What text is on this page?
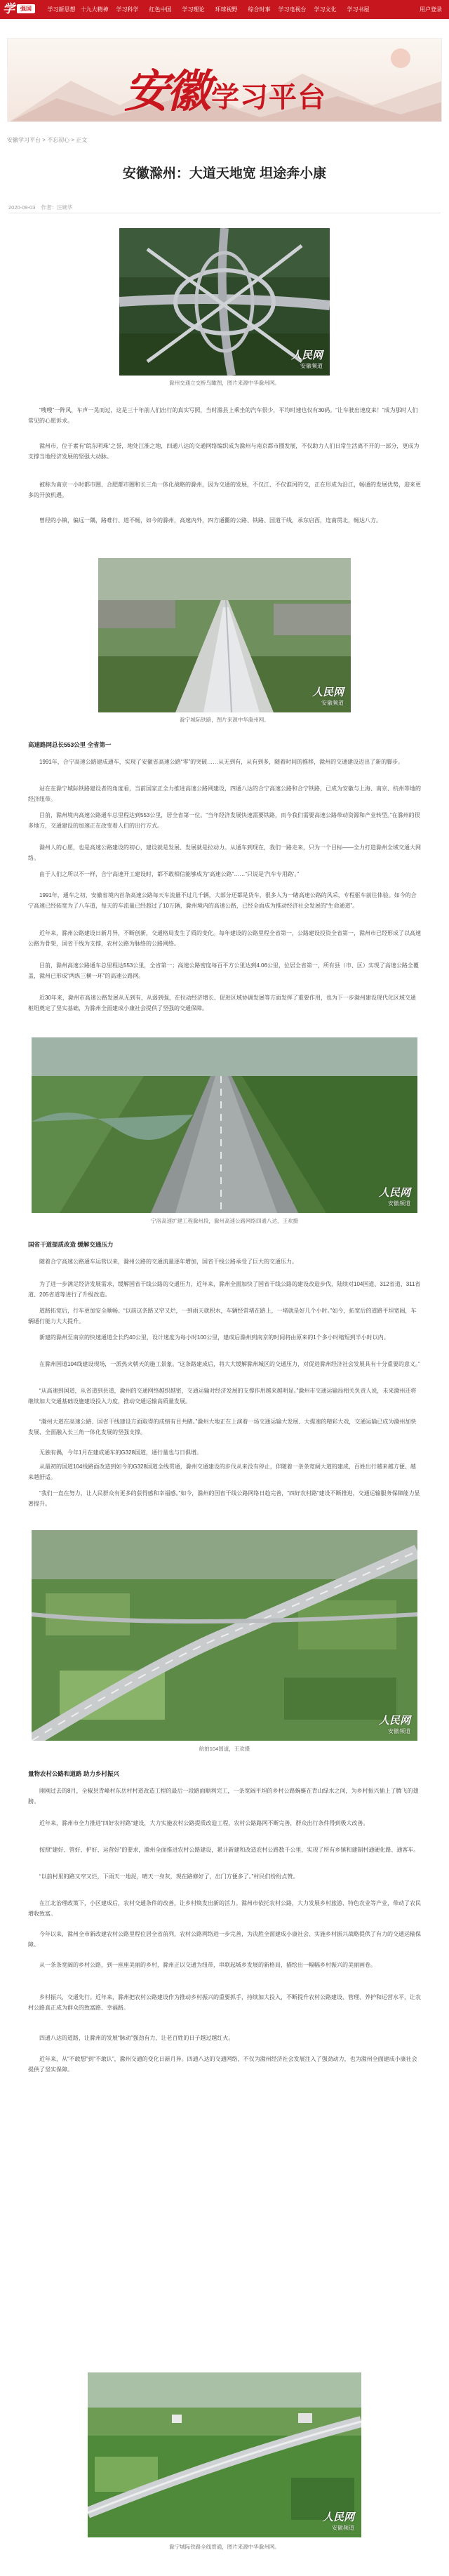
学	强国	学习新思想 十九大精神	学习科学	红色中国	学习理论	环球视野	综合时事	学习电视台	学习文化	学习书屋	用户登录
安徽 学习平台
安徽学习平台 > 不忘初心 > 正文
安徽滁州：大道天地宽 坦途奔小康
2020-09-03 作者：汪婉华
人民网
安徽频道
滁州交通立交桥鸟瞰图，图片来源中华滁州网。
“嗖嗖”一阵风，车声一晃而过，这是三十年前人们出行的真实写照，当时滁县上乘坐的汽车很少，平均时速也仅有30码。“让车驶出速度来！”成为那时人们常见的心愿诉求。
滁州市，位于素有“皖东明珠”之誉，地处江淮之地，四通八达的交通网络编织成为滁州与南京都市圈发展，不仅助力人们日常生活离不开的一部分，更成为支撑当地经济发展的坚强大动脉。
被称为南京一小时都市圈、合肥都市圈和长三角一体化战略的滁州，因为交通的发展，不仅江、不仅淮河的交，正在形成为沿江，畅通的发展优势，迎来更多的开放机遇。
曾经的小镇，偏远一隅，路难行、道不畅，如今的滁州，高速内外，四方通衢的公路、铁路、国道干线，承东启西，连南贯北，畅达八方。
人民网
安徽频道
滁宁城际铁路，图片来源中华滁州网。
高速路网总长553公里 全省第一
1991年，合宁高速公路建成通车，实现了安徽省高速公路“零”的突破……从无到有，从有到多，随着时间的推移，滁州的交通建设迈出了新的脚步。
站在在滁宁城际铁路建设者的角度看，当前国家正全力推进高速公路网建设，四通八达的合宁高速公路和合宁铁路，已成为安徽与上海、南京、杭州等地的经济纽带。
目前，滁州境内高速公路通车总里程达到553公里，居全省第一位。“当年经济发展快速需要铁路，而今我们需要高速公路带动资源和产业转型。”在滁州的很多地方，交通建设的加速正在改变着人们的出行方式。
滁州人的心愿，也是高速公路建设的初心，建设就是发展、发展就是拉动力。从通车到现在，我们一路走来，只为一个目标——全力打造滁州全域交通大网络。
由于人们之所以不一样，合宁高速开工建设时，都不敢相信能够成为“高速公路”……“只说是‘汽车专用路’。”
1991年，通车之初，安徽省境内首条高速公路每天车流量不过几千辆，大部分还都是货车，很多人为一睹高速公路的风采，专程驱车前往体验。如今的合宁高速已经拓宽为了八车道，每天的车流量已经超过了10万辆，滁州境内的高速公路，已经全面成为推动经济社会发展的“生命通道”。
近年来，滁州公路建设日新月异，不断创新，交通格局发生了质的变化。每年建设的公路里程全省第一，公路建设投资全省第一，滁州市已经形成了以高速公路为骨架，国省干线为支撑，农村公路为脉络的公路网络。
目前，滁州高速公路通车总里程达553公里，全省第一；高速公路密度每百平方公里达到4.06公里，位居全省第一，所有县（市、区）实现了高速公路全覆盖，滁州已形成“两纵三横一环”的高速公路网。
近30年来，滁州市高速公路发展从无到有，从弱到强，在拉动经济增长、促进区域协调发展等方面发挥了重要作用，也为下一步滁州建设现代化区域交通枢纽奠定了坚实基础，为滁州全面建成小康社会提供了坚强的交通保障。
人民网
安徽频道
宁洛高速扩建工程滁州段，滁州高速公路网络四通八达，王欢摄
国省干道提质改造 缓解交通压力
随着合宁高速公路通车运营以来，滁州公路的交通流量逐年增加，国省干线公路承受了巨大的交通压力。
为了进一步满足经济发展需求，缓解国省干线公路的交通压力，近年来，滁州全面加快了国省干线公路的建设改造步伐，陆续对104国道、312省道、311省道、205省道等进行了升级改造。
道路拓宽后，行车更加安全顺畅。“以前这条路又窄又烂，一到雨天就积水，车辆经常堵在路上，一堵就是好几个小时。”如今，拓宽后的道路平坦宽阔，车辆通行能力大大提升。
新建的滁州至南京的快速通道全长约40公里，设计速度为每小时100公里，建成后滁州到南京的时间将由原来的1个多小时缩短到半小时以内。
在滁州国道104线建设现场，一派热火朝天的施工景象。“这条路建成后，将大大缓解滁州城区的交通压力，对促进滁州经济社会发展具有十分重要的意义。”
“从高速到国道，从省道到县道，滁州的交通网络越织越密，交通运输对经济发展的支撑作用越来越明显。”滁州市交通运输局相关负责人说，未来滁州还将继续加大交通基础设施建设投入力度，推动交通运输高质量发展。
“滁州大道在高速公路、国省干线建设方面取得的成绩有目共睹。”滁州大地正在上演着一场交通运输大发展、大提速的精彩大戏，交通运输已成为滁州加快发展、全面融入长三角一体化发展的坚强支撑。
无独有偶，今年1月在建成通车的G328国道，通行量也与日俱增。
从最初的国道104线路面改造到如今的G328国道全线贯通，滁州交通建设的步伐从来没有停止，伴随着一条条宽阔大道的建成，百姓出行越来越方便、越来越舒适。
“我们一直在努力，让人民群众有更多的获得感和幸福感。”如今，滁州的国省干线公路网络日趋完善，“四好农村路”建设不断推进，交通运输服务保障能力显著提升。
人民网
安徽频道
航拍104国道，王欢摄
量物农村公路和道路 助力乡村振兴
刚刚过去的8月，全椒县青峰村东岳村村道改造工程的最后一段路面顺利完工，一条宽阔平坦的乡村公路蜿蜒在青山绿水之间，为乡村振兴插上了腾飞的翅膀。
近年来，滁州市全力推进“四好农村路”建设，大力实施农村公路提质改造工程，农村公路路网不断完善，群众出行条件得到极大改善。
按照“建好、管好、护好、运营好”的要求，滁州全面推进农村公路建设，累计新建和改造农村公路数千公里，实现了所有乡镇和建制村通硬化路、通客车。
“以前村里的路又窄又烂，下雨天一地泥，晴天一身灰，现在路修好了，出门方便多了。”村民们纷纷点赞。
在江北治理政策下，小区建成后，农村交通条件的改善，让乡村焕发出新的活力。滁州市依托农村公路，大力发展乡村旅游、特色农业等产业，带动了农民增收致富。
今年以来，滁州全市新改建农村公路里程位居全省前列，农村公路网络进一步完善，为决胜全面建成小康社会、实施乡村振兴战略提供了有力的交通运输保障。
从一条条宽阔的乡村公路，到一座座美丽的乡村，滁州正以交通为纽带，串联起城乡发展的新格局，描绘出一幅幅乡村振兴的美丽画卷。
乡村振兴，交通先行。近年来，滁州把农村公路建设作为推动乡村振兴的重要抓手，持续加大投入，不断提升农村公路建设、管理、养护和运营水平，让农村公路真正成为群众的致富路、幸福路。
四通八达的道路，让滁州的发展“脉动”强劲有力，让老百姓的日子越过越红火。
近年来，从“不敢想”到“不敢认”，滁州交通的变化日新月异。四通八达的交通网络，不仅为滁州经济社会发展注入了强劲动力，也为滁州全面建成小康社会提供了坚实保障。
人民网
安徽频道
滁宁城际铁路全线贯通，图片来源中华滁州网。
